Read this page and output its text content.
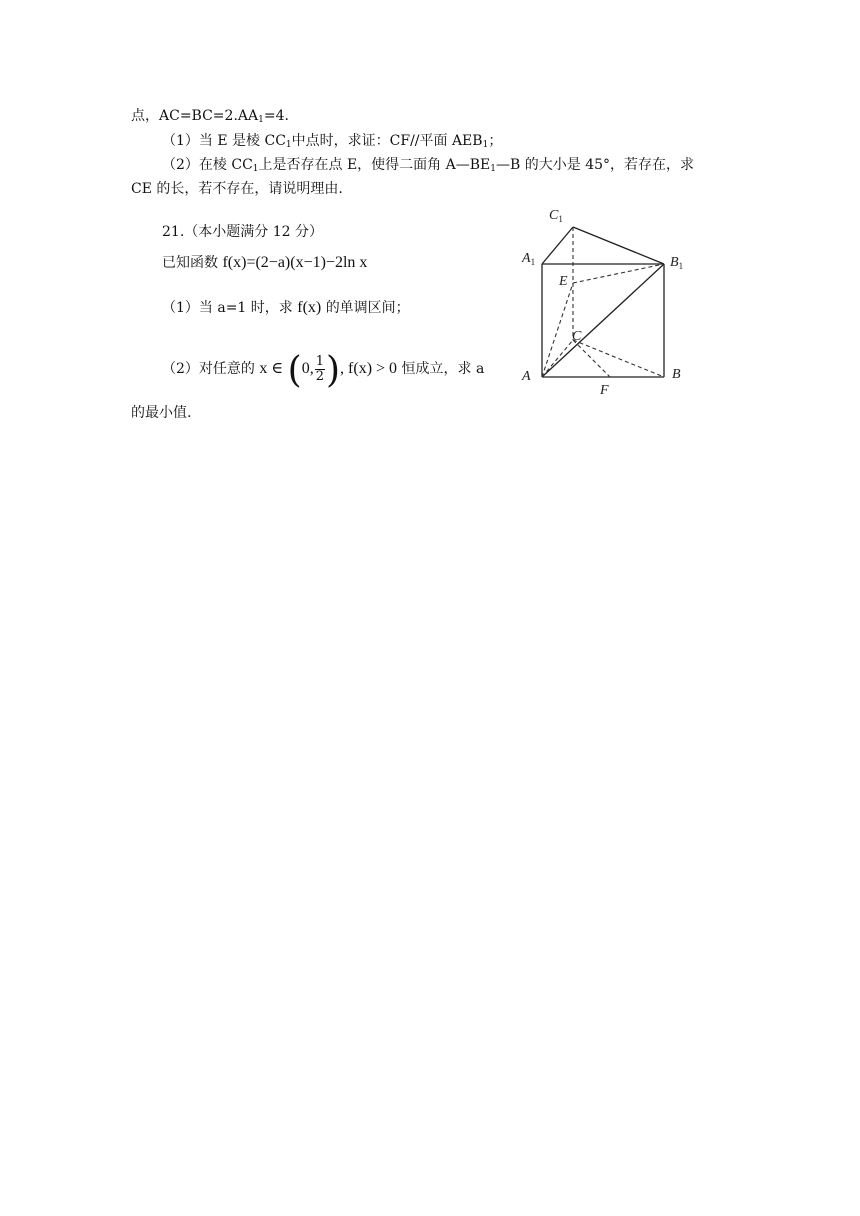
点，$AC=BC=2.AA_1=4$.
（1）当 E 是棱 $CC_1$中点时，求证：CF//平面 $AEB_1$；
（2）在棱 $CC_1$上是否存在点 E，使得二面角 $A—BE_1—B$ 的大小是 45°，若存在，求
CE 的长，若不存在，请说明理由.
21.（本小题满分 12 分）
已知函数 f(x)=(2−a)(x−1)−2ln x
（1）当 a=1 时，求 f(x) 的单调区间；
（2）对任意的 x ∈ (0, $\frac{1}{2}$ ), f(x) > 0 恒成立，求 a
的最小值.
$C_1$
$A_1$	$B_1$
E
C
A
F
B
